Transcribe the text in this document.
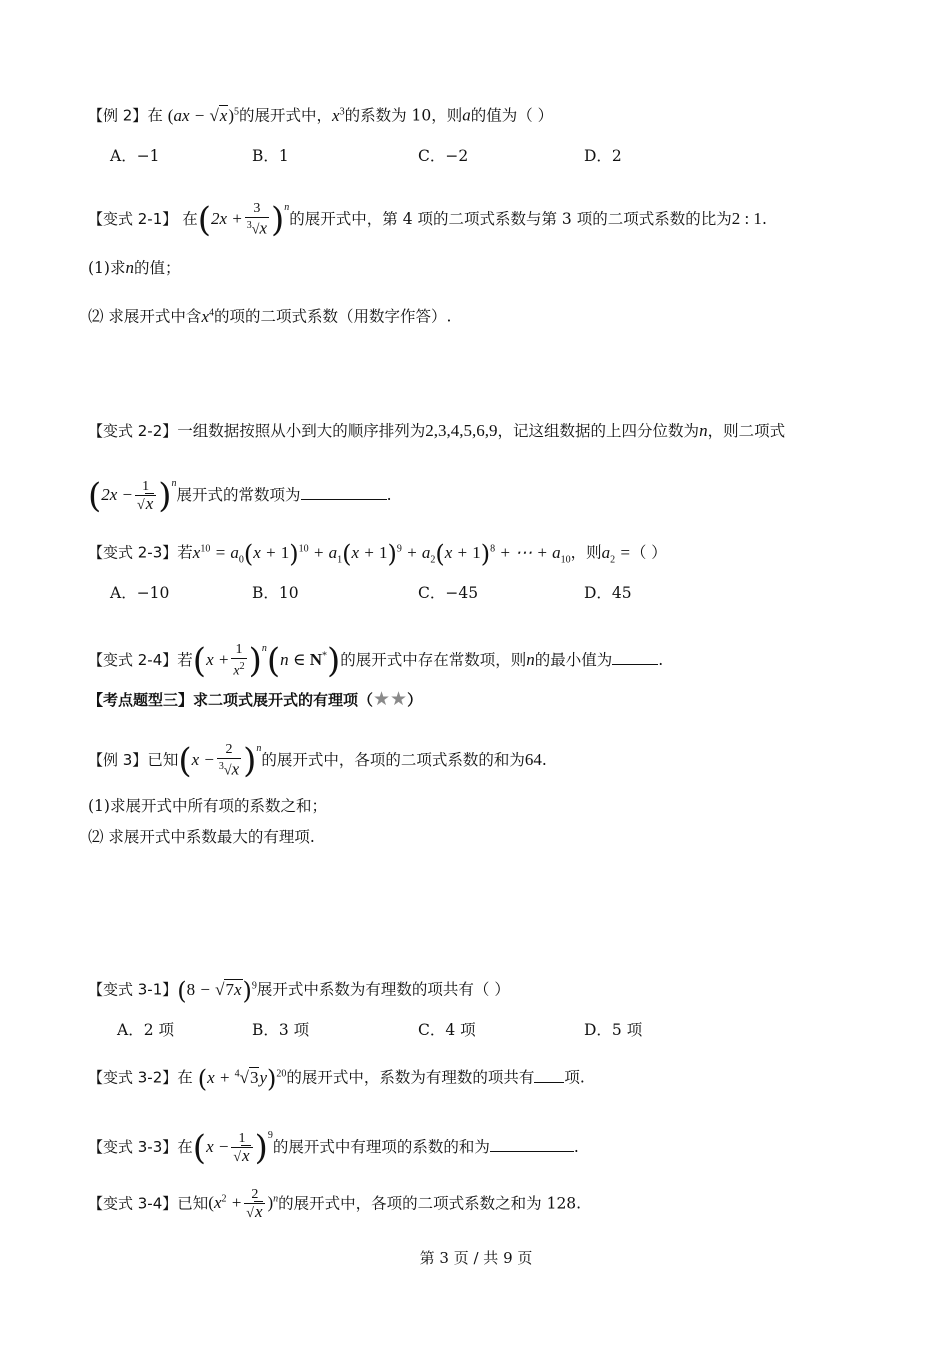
【例 2】在 (ax − √x)$^5$的展开式中，$x^3$的系数为 10，则a的值为（ ）
A．−1	B．1	C．−2	D．2
【变式 2-1】 在$(2x + \frac{3}{^3√x} )^n$的展开式中，第 4 项的二项式系数与第 3 项的二项式系数的比为2 : 1.
(1)求n的值；
⑵ 求展开式中含$x^4$的项的二项式系数（用数字作答）.
【变式 2-2】一组数据按照从小到大的顺序排列为2,3,4,5,6,9，记这组数据的上四分位数为n，则二项式
$(2x - \frac{1}{√x} )^n$展开式的常数项为	.
【变式 2-3】若$x^{10} = a_0(x + 1)^{10} + a_1(x + 1)^9 + a_2(x + 1)^8$ + ⋯ + $a_{10}$，则$a_2$ =（ ）
A．−10	B．10	C．−45	D．45
【变式 2-4】若$(x + \frac{1}{x^2} )^n(n$ ∈ N*)的展开式中存在常数项，则n的最小值为	.
【考点题型三】求二项式展开式的有理项（★★）
【例 3】已知$(x - \frac{2}{^3√x} )^n$的展开式中，各项的二项式系数的和为64.
(1)求展开式中所有项的系数之和；
⑵ 求展开式中系数最大的有理项.
【变式 3-1】$(8 - √7x)^9$展开式中系数为有理数的项共有（ ）
A．2 项	B．3 项	C．4 项	D．5 项
【变式 3-2】在 $(x + ^4√3y)^{20}$的展开式中，系数为有理数的项共有 项.
【变式 3-3】在$(x - \frac{1}{√x} )^9$的展开式中有理项的系数的和为	.
【变式 3-4】已知$(x^2 + \frac{2}{√x} )^n$的展开式中，各项的二项式系数之和为 128.
第 3 页 / 共 9 页
